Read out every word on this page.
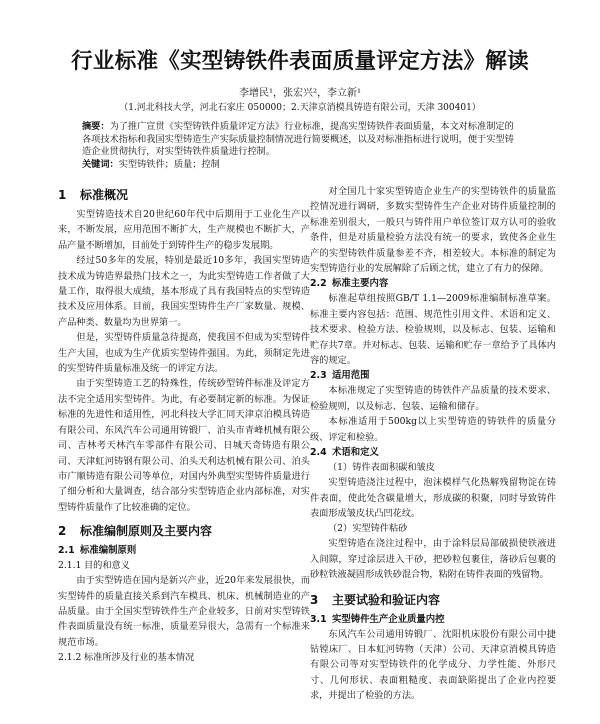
行业标准《实型铸铁件表面质量评定方法》解读
李增民¹，张宏兴²，李立新¹
（1.河北科技大学，河北石家庄 050000；2.天津京消模具铸造有限公司，天津 300401）
摘要：为了推广宣贯《实型铸铁件质量评定方法》行业标准，提高实型铸铁件表面质量，本文对标准制定的各项技术指标和我国实型铸造生产实际质量控制情况进行简要概述，以及对标准指标进行说明，便于实型铸造企业贯彻执行，对实型铸铁件质量进行控制。
关键词：实型铸铁件；质量；控制
1 标准概况

实型铸造技术自20世纪60年代中后期用于工业化生产以来，不断发展，应用范围不断扩大，生产规模也不断扩大，产品产量不断增加，目前处于到铸件生产的稳步发展期。

经过50多年的发展，特别是最近10多年，我国实型铸造技术成为铸造界最热门技术之一，为此实型铸造工作者做了大量工作，取得很大成绩，基本形成了具有我国特点的实型铸造技术及应用体系。目前，我国实型铸件生产厂家数量、规模、产品种类、数量均为世界第一。

但是，实型铸件质量急待提高，使我国不但成为实型铸件生产大国，也成为生产优质实型铸件强国。为此，须制定先进的实型铸件质量标准及统一的评定方法。

由于实型铸造工艺的特殊性，传统砂型铸件标准及评定方法不完全适用实型铸件。为此，有必要制定新的标准。为保证标准的先进性和适用性，河北科技大学汇同天津京泊模具铸造有限公司、东风汽车公司通用铸锻厂、泊头市青峰机械有限公司、吉林考天林汽车零部件有限公司、日城天奇铸造有限公司、天津虹河铸钢有限公司、泊头天利达机械有限公司、泊头市广顺铸造有限公司等单位，对国内外典型实型铸件质量进行了细分析和大量调查，结合部分实型铸造企业内部标准，对实型铸件质量作了比较准确的定位。

2 标准编制原则及主要内容
2.1 标准编制原则
2.1.1 目的和意义

由于实型铸造在国内是新兴产业，近20年来发展很快，而实型铸件的质量直接关系到汽车模具、机床、机械制造业的产品质量。由于全国实型铸铁件生产企业较多，日前对实型铸铁件表面质量没有统一标准，质量差异很大，急需有一个标准来规范市场。

2.1.2 标准所涉及行业的基本情况

对全国几十家实型铸造企业生产的实型铸铁件的质量监控情况进行调研，多数实型铸件生产企业对铸件质量控制的标准差别很大，一般只与铸件用户单位签订双方认可的验收条件，但是对质量检验方法没有统一的要求，致使各企业生产的实型铸铁件质量参差不齐，相差较大。本标准的制定为实型铸造行业的发展解除了后顾之忧，建立了有力的保障。

2.2 标准主要内容

标准起草组按照GB/T 1.1—2009标准编制标准草案。标准主要内容包括：范围、规范性引用文件、术语和定义、技术要求、检验方法、检验规则，以及标志、包装、运输和贮存共7章。并对标志、包装、运输和贮存一章给予了具体内容的规定。

2.3 适用范围

本标准规定了实型铸造的铸铁件产品质量的技术要求、检验规则，以及标志、包装、运输和储存。

本标准适用于500kg以上实型铸造的铸铁件的质量分级、评定和检验。

2.4 术语和定义
（1）铸件表面积碳和皱皮

实型铸造浇注过程中，泡沫模样气化热解残留物淀在铸件表面，使此处含碳量增大，形成碳的积聚，同时导致铸件表面形成皱皮状凸凹花纹。

（2）实型铸件粘砂

实型铸造在浇注过程中，由于涂料层局部破损使铁液进入间隙，穿过涂层进入干砂，把砂粒包裹住，落砂后包裹的砂粒铁液凝固形成铁砂混合物，粘附在铸件表面的残留物。

3 主要试验和验证内容
3.1 实型铸件生产企业质量内控

东风汽车公司通用铸锻厂、沈阳机床股份有限公司中捷钻镗床厂、日本虹河铸物（天津）公司、天津京消模具铸造有限公司等对实型铸铁件的化学成分、力学性能、外形尺寸、几何形状、表面粗糙度、表面缺陷提出了企业内控要求，并提出了检验的方法。
